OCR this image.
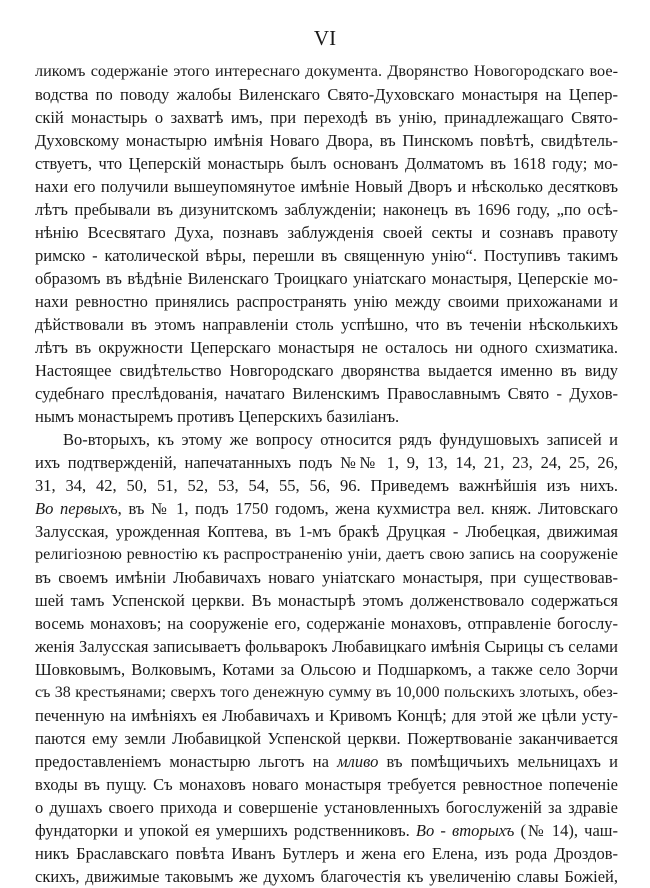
VI
ликомъ содержаніе этого интереснаго документа. Дворянство Новогородскаго вое-
водства по поводу жалобы Виленскаго Свято-Духовскаго монастыря на Цепер-
скій монастырь о захватѣ имъ, при переходѣ въ унію, принадлежащаго Свято-
Духовскому монастырю имѣнія Новаго Двора, въ Пинскомъ повѣтѣ, свидѣтель-
ствуетъ, что Цеперскій монастырь былъ основанъ Долматомъ въ 1618 году; мо-
нахи его получили вышеупомянутое имѣніе Новый Дворъ и нѣсколько десятковъ
лѣтъ пребывали въ дизунитскомъ заблужденіи; наконецъ въ 1696 году, „по осѣ-
нѣнію Всесвятаго Духа, познавъ заблужденія своей секты и сознавъ правоту
римско - католической вѣры, перешли въ священную унію“. Поступивъ такимъ
образомъ въ вѣдѣніе Виленскаго Троицкаго уніатскаго монастыря, Цеперскіе мо-
нахи ревностно принялись распространять унію между своими прихожанами и
дѣйствовали въ этомъ направленіи столь успѣшно, что въ теченіи нѣсколькихъ
лѣтъ въ окружности Цеперскаго монастыря не осталось ни одного схизматика.
Настоящее свидѣтельство Новгородскаго дворянства выдается именно въ виду
судебнаго преслѣдованія, начатаго Виленскимъ Православнымъ Свято - Духов-
нымъ монастыремъ противъ Цеперскихъ базиліанъ.
Во-вторыхъ, къ этому же вопросу относится рядъ фундушовыхъ записей и
ихъ подтвержденій, напечатанныхъ подъ №№ 1, 9, 13, 14, 21, 23, 24, 25, 26,
31, 34, 42, 50, 51, 52, 53, 54, 55, 56, 96. Приведемъ важнѣйшія изъ нихъ.
Во первыхъ, въ № 1, подъ 1750 годомъ, жена кухмистра вел. княж. Литовскаго
Залусская, урожденная Коптева, въ 1-мъ бракѣ Друцкая - Любецкая, движимая
религіозною ревностію къ распространенію уніи, даетъ свою запись на сооруженіе
въ своемъ имѣніи Любавичахъ новаго уніатскаго монастыря, при существовав-
шей тамъ Успенской церкви. Въ монастырѣ этомъ долженствовало содержаться
восемь монаховъ; на сооруженіе его, содержаніе монаховъ, отправленіе богослу-
женія Залусская записываетъ фольварокъ Любавицкаго имѣнія Сырицы съ селами
Шовковымъ, Волковымъ, Котами за Ольсою и Подшаркомъ, а также село Зорчи
съ 38 крестьянами; сверхъ того денежную сумму въ 10,000 польскихъ злотыхъ, обез-
печенную на имѣніяхъ ея Любавичахъ и Кривомъ Концѣ; для этой же цѣли усту-
паются ему земли Любавицкой Успенской церкви. Пожертвованіе заканчивается
предоставленіемъ монастырю льготъ на мливо въ помѣщичьихъ мельницахъ и
входы въ пущу. Съ монаховъ новаго монастыря требуется ревностное попеченіе
о душахъ своего прихода и совершеніе установленныхъ богослуженій за здравіе
фундаторки и упокой ея умершихъ родственниковъ. Во - вторыхъ (№ 14), чаш-
никъ Браславскаго повѣта Иванъ Бутлеръ и жена его Елена, изъ рода Дроздов-
скихъ, движимые таковымъ же духомъ благочестія къ увеличенію славы Божіей,
